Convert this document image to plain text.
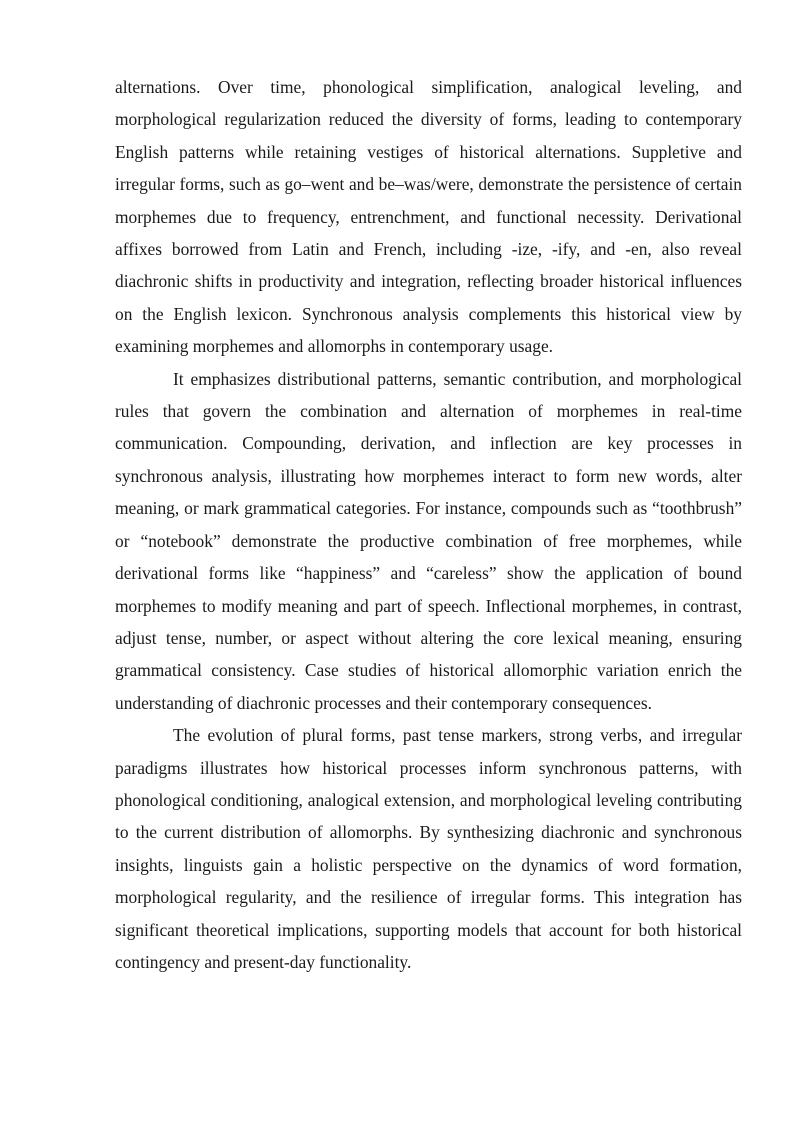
alternations. Over time, phonological simplification, analogical leveling, and morphological regularization reduced the diversity of forms, leading to contemporary English patterns while retaining vestiges of historical alternations. Suppletive and irregular forms, such as go–went and be–was/were, demonstrate the persistence of certain morphemes due to frequency, entrenchment, and functional necessity. Derivational affixes borrowed from Latin and French, including -ize, -ify, and -en, also reveal diachronic shifts in productivity and integration, reflecting broader historical influences on the English lexicon. Synchronous analysis complements this historical view by examining morphemes and allomorphs in contemporary usage.

It emphasizes distributional patterns, semantic contribution, and morphological rules that govern the combination and alternation of morphemes in real-time communication. Compounding, derivation, and inflection are key processes in synchronous analysis, illustrating how morphemes interact to form new words, alter meaning, or mark grammatical categories. For instance, compounds such as “toothbrush” or “notebook” demonstrate the productive combination of free morphemes, while derivational forms like “happiness” and “careless” show the application of bound morphemes to modify meaning and part of speech. Inflectional morphemes, in contrast, adjust tense, number, or aspect without altering the core lexical meaning, ensuring grammatical consistency. Case studies of historical allomorphic variation enrich the understanding of diachronic processes and their contemporary consequences.

The evolution of plural forms, past tense markers, strong verbs, and irregular paradigms illustrates how historical processes inform synchronous patterns, with phonological conditioning, analogical extension, and morphological leveling contributing to the current distribution of allomorphs. By synthesizing diachronic and synchronous insights, linguists gain a holistic perspective on the dynamics of word formation, morphological regularity, and the resilience of irregular forms. This integration has significant theoretical implications, supporting models that account for both historical contingency and present-day functionality.
